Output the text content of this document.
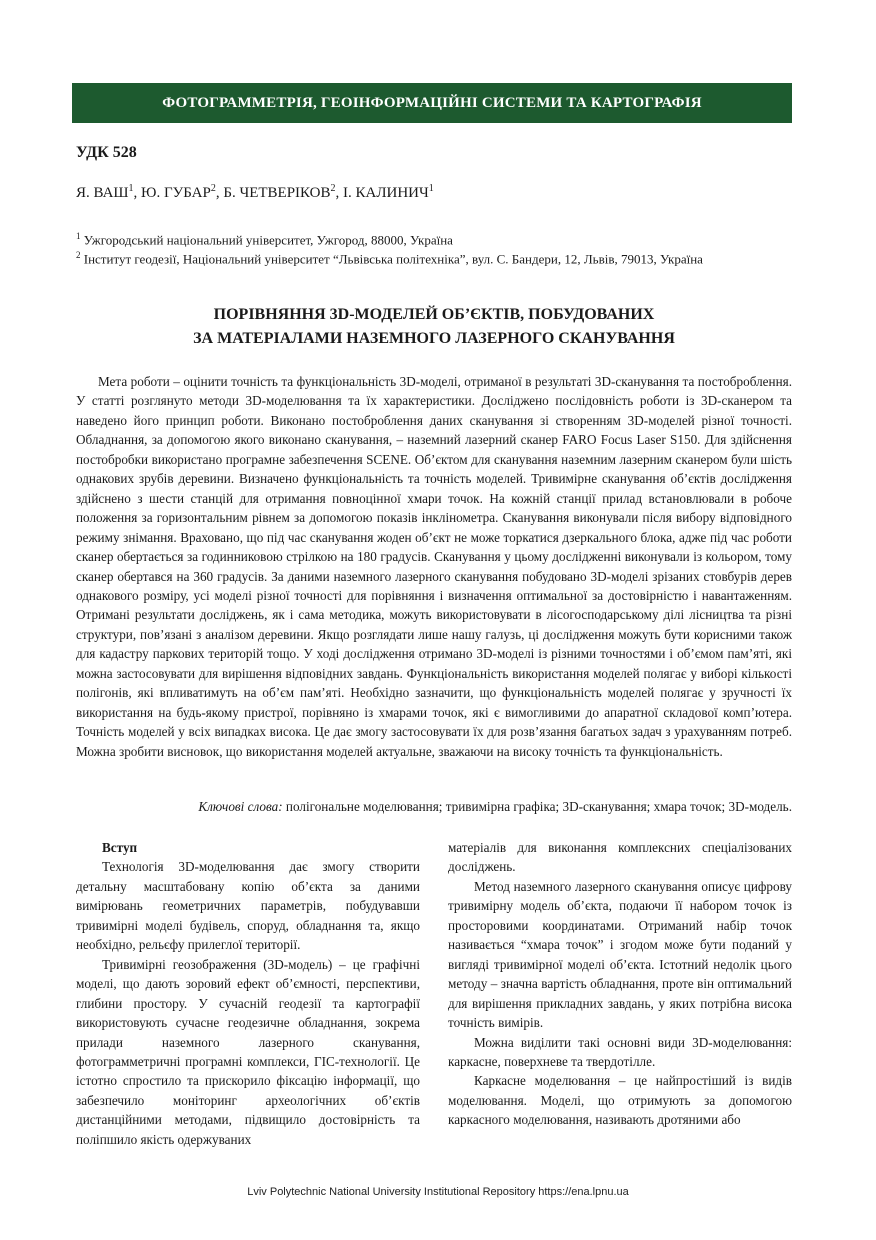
ФОТОГРАММЕТРІЯ, ГЕОІНФОРМАЦІЙНІ СИСТЕМИ ТА КАРТОГРАФІЯ
УДК 528
Я. ВАШ$^1$, Ю. ГУБАР$^2$, Б. ЧЕТВЕРІКОВ$^2$, І. КАЛИНИЧ$^1$
$^1$ Ужгородський національний університет, Ужгород, 88000, Україна
$^2$ Інститут геодезії, Національний університет “Львівська політехніка”, вул. С. Бандери, 12, Львів, 79013, Україна
ПОРІВНЯННЯ 3D-МОДЕЛЕЙ ОБ’ЄКТІВ, ПОБУДОВАНИХ
ЗА МАТЕРІАЛАМИ НАЗЕМНОГО ЛАЗЕРНОГО СКАНУВАННЯ

Мета роботи – оцінити точність та функціональність 3D-моделі, отриманої в результаті 3D-сканування та постоброблення. У статті розглянуто методи 3D-моделювання та їх характеристики. Досліджено послідовність роботи із 3D-сканером та наведено його принцип роботи. Виконано постоброблення даних сканування зі створенням 3D-моделей різної точності. Обладнання, за допомогою якого виконано сканування, – наземний лазерний сканер FARO Focus Laser S150. Для здійснення постобробки використано програмне забезпечення SCENE. Об’єктом для сканування наземним лазерним сканером були шість однакових зрубів деревини. Визначено функціональність та точність моделей. Тривимірне сканування об’єктів дослідження здійснено з шести станцій для отримання повноцінної хмари точок. На кожній станції прилад встановлювали в робоче положення за горизонтальним рівнем за допомогою показів інклінометра. Сканування виконували після вибору відповідного режиму знімання. Враховано, що під час сканування жоден об’єкт не може торкатися дзеркального блока, адже під час роботи сканер обертається за годинниковою стрілкою на 180 градусів. Сканування у цьому дослідженні виконували із кольором, тому сканер обертався на 360 градусів. За даними наземного лазерного сканування побудовано 3D-моделі зрізаних стовбурів дерев однакового розміру, усі моделі різної точності для порівняння і визначення оптимальної за достовірністю і навантаженням. Отримані результати досліджень, як і сама методика, можуть використовувати в лісогосподарському ділі лісництва та різні структури, пов’язані з аналізом деревини. Якщо розглядати лише нашу галузь, ці дослідження можуть бути корисними також для кадастру паркових територій тощо. У ході дослідження отримано 3D-моделі із різними точностями і об’ємом пам’яті, які можна застосовувати для вирішення відповідних завдань. Функціональність використання моделей полягає у виборі кількості полігонів, які впливатимуть на об’єм пам’яті. Необхідно зазначити, що функціональність моделей полягає у зручності їх використання на будь-якому пристрої, порівняно із хмарами точок, які є вимогливими до апаратної складової комп’ютера. Точність моделей у всіх випадках висока. Це дає змогу застосовувати їх для розв’язання багатьох задач з урахуванням потреб. Можна зробити висновок, що використання моделей актуальне, зважаючи на високу точність та функціональність.

Ключові слова: полігональне моделювання; тривимірна графіка; 3D-сканування; хмара точок; 3D-модель.

Вступ

Технологія 3D-моделювання дає змогу створити детальну масштабовану копію об’єкта за даними вимірювань геометричних параметрів, побудувавши тривимірні моделі будівель, споруд, обладнання та, якщо необхідно, рельєфу прилеглої території.

Тривимірні геозображення (3D-модель) – це графічні моделі, що дають зоровий ефект об’ємності, перспективи, глибини простору. У сучасній геодезії та картографії використовують сучасне геодезичне обладнання, зокрема прилади наземного лазерного сканування, фотограмметричні програмні комплекси, ГІС-технології. Це істотно спростило та прискорило фіксацію інформації, що забезпечило моніторинг археологічних об’єктів дистанційними методами, підвищило достовірність та поліпшило якість одержуваних

матеріалів для виконання комплексних спеціалізованих досліджень.

Метод наземного лазерного сканування описує цифрову тривимірну модель об’єкта, подаючи її набором точок із просторовими координатами. Отриманий набір точок називається “хмара точок” і згодом може бути поданий у вигляді тривимірної моделі об’єкта. Істотний недолік цього методу – значна вартість обладнання, проте він оптимальний для вирішення прикладних завдань, у яких потрібна висока точність вимірів.

Можна виділити такі основні види 3D-моделювання: каркасне, поверхневе та твердотілле.

Каркасне моделювання – це найпростіший із видів моделювання. Моделі, що отримують за допомогою каркасного моделювання, називають дротяними або

Lviv Polytechnic National University Institutional Repository https://ena.lpnu.ua
